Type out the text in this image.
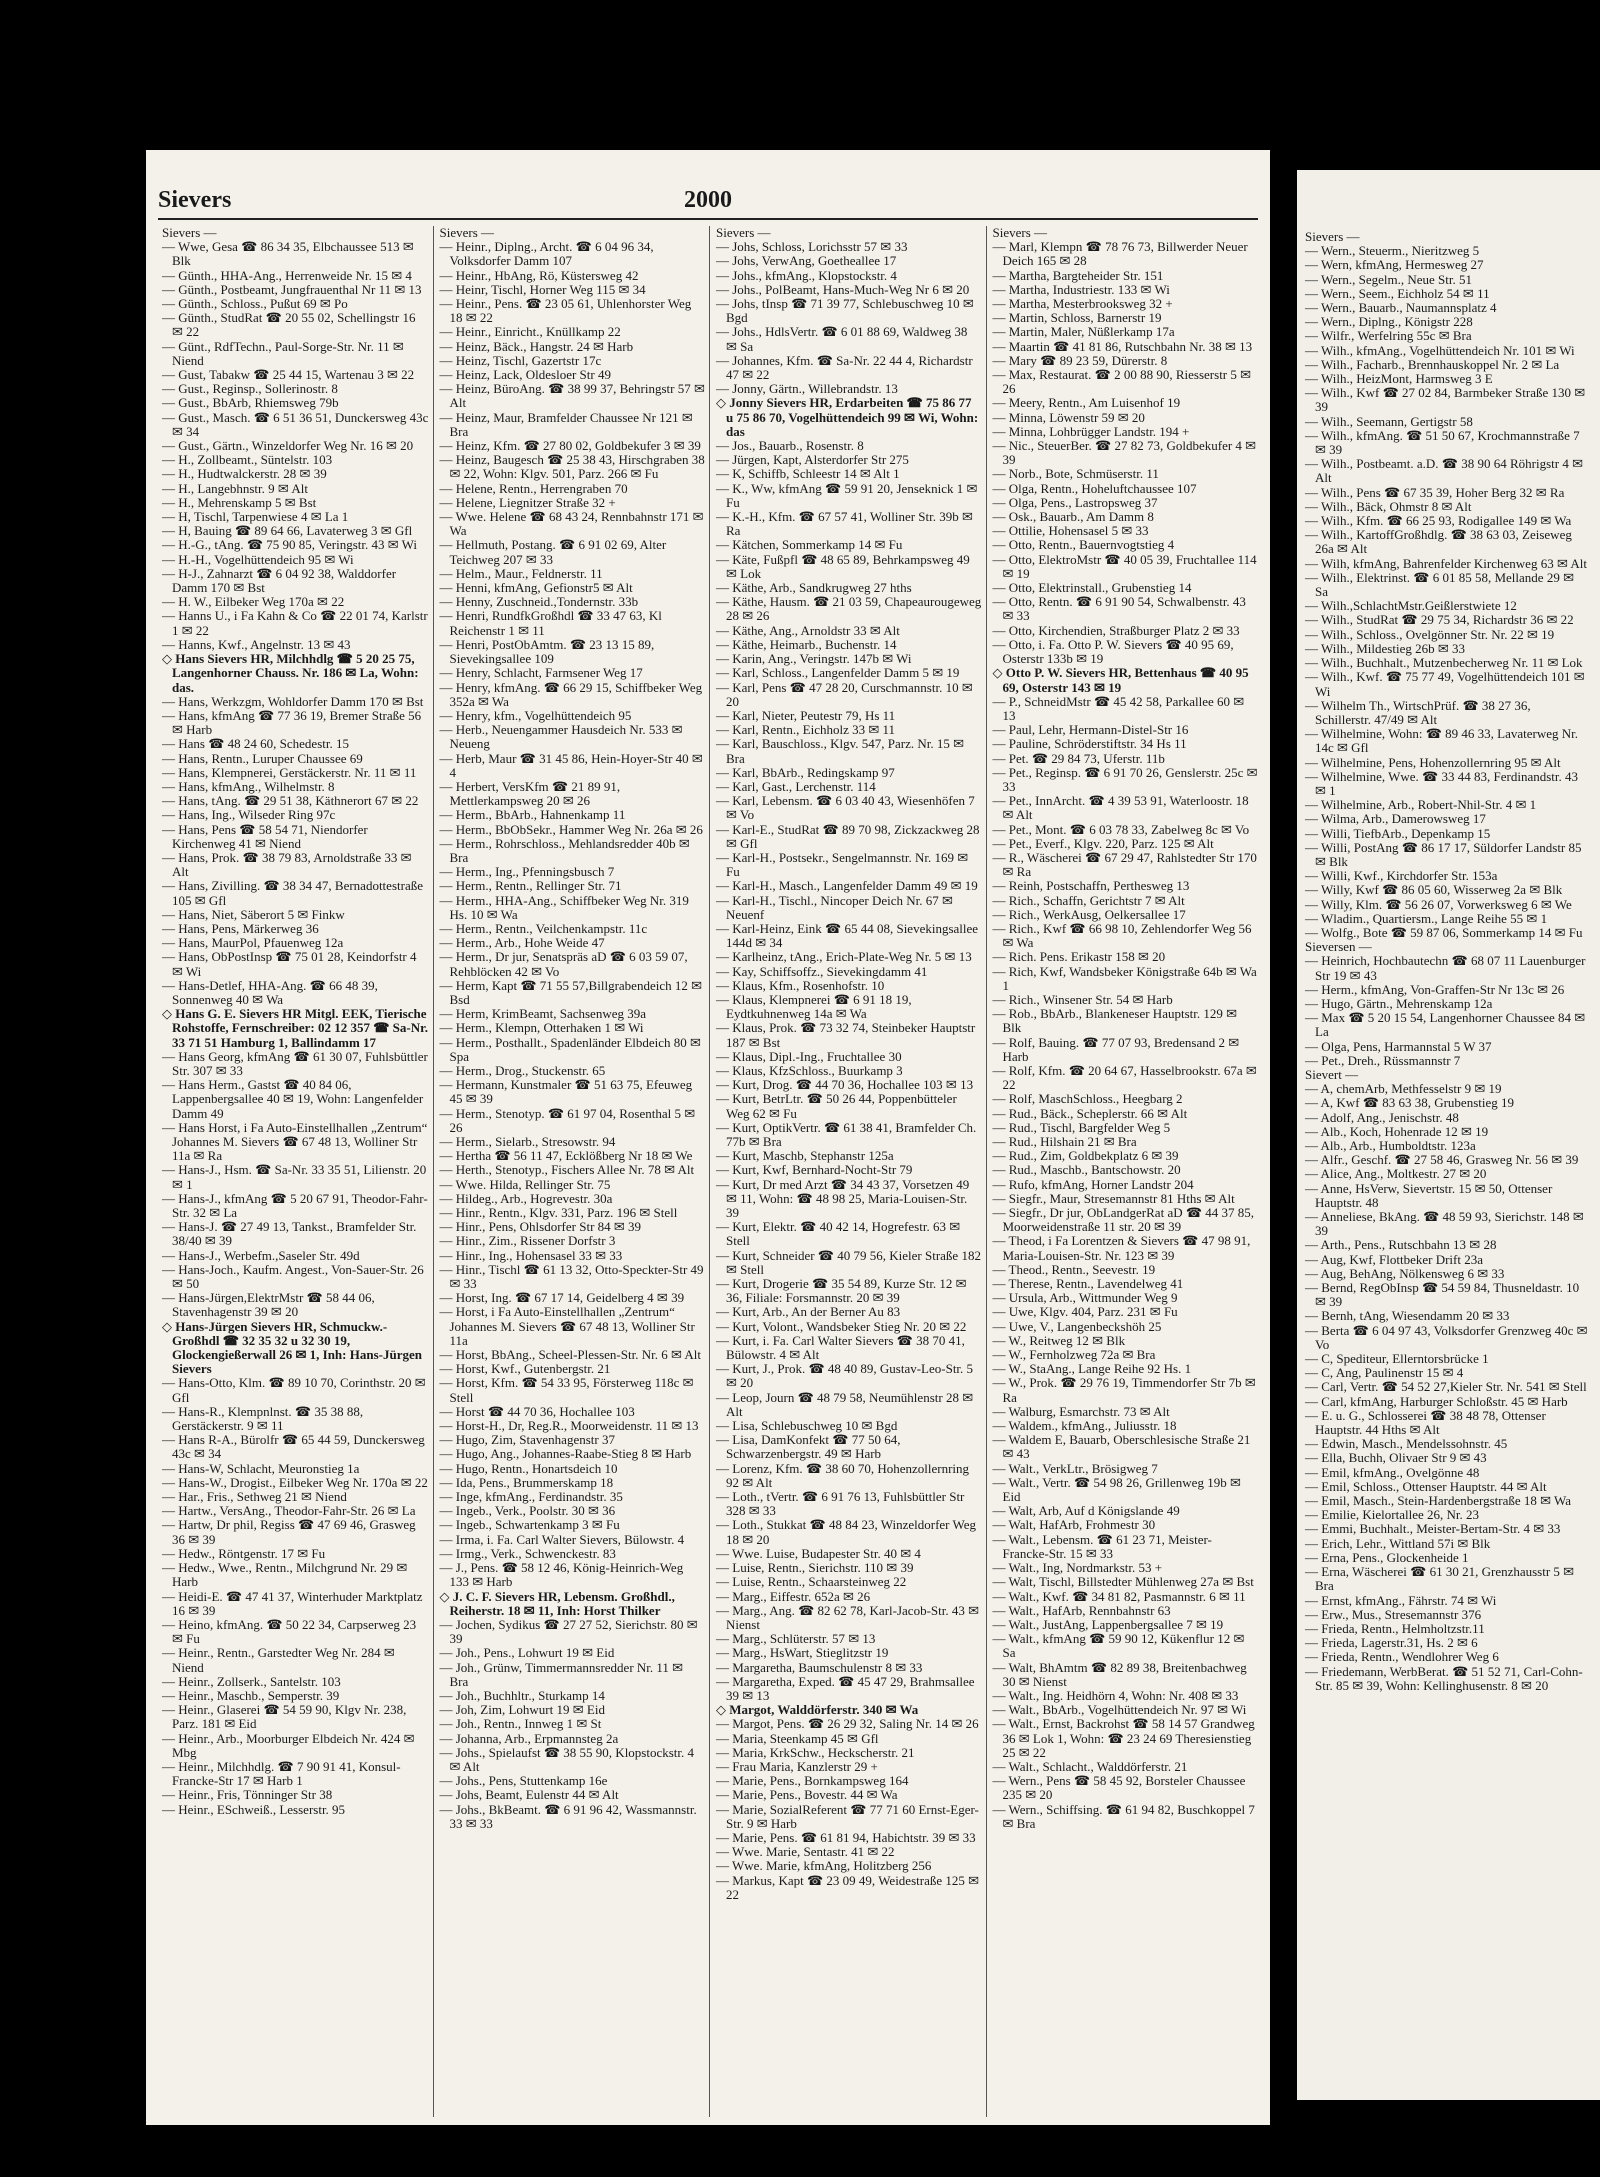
Sievers	2000
Sievers —
— Wwe, Gesa ☎ 86 34 35, Elbchaussee 513 ✉ Blk
— Günth., HHA-Ang., Herrenweide Nr. 15 ✉ 4
— Günth., Postbeamt, Jungfrauenthal Nr 11 ✉ 13
— Günth., Schloss., Pußut 69 ✉ Po
— Günth., StudRat ☎ 20 55 02, Schellingstr 16 ✉ 22
— Günt., RdfTechn., Paul-Sorge-Str. Nr. 11 ✉ Niend
— Gust, Tabakw ☎ 25 44 15, Wartenau 3 ✉ 22
— Gust., Reginsp., Sollerinostr. 8
— Gust., BbArb, Rhiemsweg 79b
— Gust., Masch. ☎ 6 51 36 51, Dunckersweg 43c ✉ 34
— Gust., Gärtn., Winzeldorfer Weg Nr. 16 ✉ 20
— H., Zollbeamt., Süntelstr. 103
— H., Hudtwalckerstr. 28 ✉ 39
— H., Langebhnstr. 9 ✉ Alt
— H., Mehrenskamp 5 ✉ Bst
— H, Tischl, Tarpenwiese 4 ✉ La 1
— H, Bauing ☎ 89 64 66, Lavaterweg 3 ✉ Gfl
— H.-G., tAng. ☎ 75 90 85, Veringstr. 43 ✉ Wi
— H.-H., Vogelhüttendeich 95 ✉ Wi
— H-J., Zahnarzt ☎ 6 04 92 38, Walddorfer Damm 170 ✉ Bst
— H. W., Eilbeker Weg 170a ✉ 22
— Hanns U., i Fa Kahn & Co ☎ 22 01 74, Karlstr 1 ✉ 22
— Hanns, Kwf., Angelnstr. 13 ✉ 43
◇ Hans Sievers HR, Milchhdlg ☎ 5 20 25 75, Langenhorner Chauss. Nr. 186 ✉ La, Wohn: das.
— Hans, Werkzgm, Wohldorfer Damm 170 ✉ Bst
— Hans, kfmAng ☎ 77 36 19, Bremer Straße 56 ✉ Harb
— Hans ☎ 48 24 60, Schedestr. 15
— Hans, Rentn., Luruper Chaussee 69
— Hans, Klempnerei, Gerstäckerstr. Nr. 11 ✉ 11
— Hans, kfmAng., Wilhelmstr. 8
— Hans, tAng. ☎ 29 51 38, Käthnerort 67 ✉ 22
— Hans, Ing., Wilseder Ring 97c
— Hans, Pens ☎ 58 54 71, Niendorfer Kirchenweg 41 ✉ Niend
— Hans, Prok. ☎ 38 79 83, Arnoldstraße 33 ✉ Alt
— Hans, Zivilling. ☎ 38 34 47, Bernadottestraße 105 ✉ Gfl
— Hans, Niet, Säberort 5 ✉ Finkw
— Hans, Pens, Märkerweg 36
— Hans, MaurPol, Pfauenweg 12a
— Hans, ObPostInsp ☎ 75 01 28, Keindorfstr 4 ✉ Wi
— Hans-Detlef, HHA-Ang. ☎ 66 48 39, Sonnenweg 40 ✉ Wa
◇ Hans G. E. Sievers HR Mitgl. EEK, Tierische Rohstoffe, Fernschreiber: 02 12 357 ☎ Sa-Nr. 33 71 51 Hamburg 1, Ballindamm 17
— Hans Georg, kfmAng ☎ 61 30 07, Fuhlsbüttler Str. 307 ✉ 33
— Hans Herm., Gastst ☎ 40 84 06, Lappenbergsallee 40 ✉ 19, Wohn: Langenfelder Damm 49
— Hans Horst, i Fa Auto-Einstellhallen „Zentrum“ Johannes M. Sievers ☎ 67 48 13, Wolliner Str 11a ✉ Ra
— Hans-J., Hsm. ☎ Sa-Nr. 33 35 51, Lilienstr. 20 ✉ 1
— Hans-J., kfmAng ☎ 5 20 67 91, Theodor-Fahr-Str. 32 ✉ La
— Hans-J. ☎ 27 49 13, Tankst., Bramfelder Str. 38/40 ✉ 39
— Hans-J., Werbefm.,Saseler Str. 49d
— Hans-Joch., Kaufm. Angest., Von-Sauer-Str. 26 ✉ 50
— Hans-Jürgen,ElektrMstr ☎ 58 44 06, Stavenhagenstr 39 ✉ 20
◇ Hans-Jürgen Sievers HR, Schmuckw.-Großhdl ☎ 32 35 32 u 32 30 19, Glockengießerwall 26 ✉ 1, Inh: Hans-Jürgen Sievers
— Hans-Otto, Klm. ☎ 89 10 70, Corinthstr. 20 ✉ Gfl
— Hans-R., Klempnlnst. ☎ 35 38 88, Gerstäckerstr. 9 ✉ 11
— Hans R-A., Bürolfr ☎ 65 44 59, Dunckersweg 43c ✉ 34
— Hans-W, Schlacht, Meuronstieg 1a
— Hans-W., Drogist., Eilbeker Weg Nr. 170a ✉ 22
— Har., Fris., Sethweg 21 ✉ Niend
— Hartw., VersAng., Theodor-Fahr-Str. 26 ✉ La
— Hartw, Dr phil, Regiss ☎ 47 69 46, Grasweg 36 ✉ 39
— Hedw., Röntgenstr. 17 ✉ Fu
— Hedw., Wwe., Rentn., Milchgrund Nr. 29 ✉ Harb
— Heidi-E. ☎ 47 41 37, Winterhuder Marktplatz 16 ✉ 39
— Heino, kfmAng. ☎ 50 22 34, Carpserweg 23 ✉ Fu
— Heinr., Rentn., Garstedter Weg Nr. 284 ✉ Niend
— Heinr., Zollserk., Santelstr. 103
— Heinr., Maschb., Semperstr. 39
— Heinr., Glaserei ☎ 54 59 90, Klgv Nr. 238, Parz. 181 ✉ Eid
— Heinr., Arb., Moorburger Elbdeich Nr. 424 ✉ Mbg
— Heinr., Milchhdlg. ☎ 7 90 91 41, Konsul-Francke-Str 17 ✉ Harb 1
— Heinr., Fris, Tönninger Str 38
— Heinr., ESchweiß., Lesserstr. 95
Sievers —
— Heinr., Diplng., Archt. ☎ 6 04 96 34, Volksdorfer Damm 107
— Heinr., HbAng, Rö, Küstersweg 42
— Heinr, Tischl, Horner Weg 115 ✉ 34
— Heinr., Pens. ☎ 23 05 61, Uhlenhorster Weg 18 ✉ 22
— Heinr., Einricht., Knüllkamp 22
— Heinz, Bäck., Hangstr. 24 ✉ Harb
— Heinz, Tischl, Gazertstr 17c
— Heinz, Lack, Oldesloer Str 49
— Heinz, BüroAng. ☎ 38 99 37, Behringstr 57 ✉ Alt
— Heinz, Maur, Bramfelder Chaussee Nr 121 ✉ Bra
— Heinz, Kfm. ☎ 27 80 02, Goldbekufer 3 ✉ 39
— Heinz, Baugesch ☎ 25 38 43, Hirschgraben 38 ✉ 22, Wohn: Klgv. 501, Parz. 266 ✉ Fu
— Helene, Rentn., Herrengraben 70
— Helene, Liegnitzer Straße 32 +
— Wwe. Helene ☎ 68 43 24, Rennbahnstr 171 ✉ Wa
— Hellmuth, Postang. ☎ 6 91 02 69, Alter Teichweg 207 ✉ 33
— Helm., Maur., Feldnerstr. 11
— Henni, kfmAng, Gefionstr5 ✉ Alt
— Henny, Zuschneid.,Tondernstr. 33b
— Henri, RundfkGroßhdl ☎ 33 47 63, Kl Reichenstr 1 ✉ 11
— Henri, PostObAmtm. ☎ 23 13 15 89, Sievekingsallee 109
— Henry, Schlacht, Farmsener Weg 17
— Henry, kfmAng. ☎ 66 29 15, Schiffbeker Weg 352a ✉ Wa
— Henry, kfm., Vogelhüttendeich 95
— Herb., Neuengammer Hausdeich Nr. 533 ✉ Neueng
— Herb, Maur ☎ 31 45 86, Hein-Hoyer-Str 40 ✉ 4
— Herbert, VersKfm ☎ 21 89 91, Mettlerkampsweg 20 ✉ 26
— Herm., BbArb., Hahnenkamp 11
— Herm., BbObSekr., Hammer Weg Nr. 26a ✉ 26
— Herm., Rohrschloss., Mehlandsredder 40b ✉ Bra
— Herm., Ing., Pfenningsbusch 7
— Herm., Rentn., Rellinger Str. 71
— Herm., HHA-Ang., Schiffbeker Weg Nr. 319 Hs. 10 ✉ Wa
— Herm., Rentn., Veilchenkampstr. 11c
— Herm., Arb., Hohe Weide 47
— Herm., Dr jur, Senatspräs aD ☎ 6 03 59 07, Rehblöcken 42 ✉ Vo
— Herm, Kapt ☎ 71 55 57,Billgrabendeich 12 ✉ Bsd
— Herm, KrimBeamt, Sachsenweg 39a
— Herm., Klempn, Otterhaken 1 ✉ Wi
— Herm., Posthallt., Spadenländer Elbdeich 80 ✉ Spa
— Herm., Drog., Stuckenstr. 65
— Hermann, Kunstmaler ☎ 51 63 75, Efeuweg 45 ✉ 39
— Herm., Stenotyp. ☎ 61 97 04, Rosenthal 5 ✉ 26
— Herm., Sielarb., Stresowstr. 94
— Hertha ☎ 56 11 47, Ecklößberg Nr 18 ✉ We
— Herth., Stenotyp., Fischers Allee Nr. 78 ✉ Alt
— Wwe. Hilda, Rellinger Str. 75
— Hildeg., Arb., Hogrevestr. 30a
— Hinr., Rentn., Klgv. 331, Parz. 196 ✉ Stell
— Hinr., Pens, Ohlsdorfer Str 84 ✉ 39
— Hinr., Zim., Rissener Dorfstr 3
— Hinr., Ing., Hohensasel 33 ✉ 33
— Hinr., Tischl ☎ 61 13 32, Otto-Speckter-Str 49 ✉ 33
— Horst, Ing. ☎ 67 17 14, Geidelberg 4 ✉ 39
— Horst, i Fa Auto-Einstellhallen „Zentrum“ Johannes M. Sievers ☎ 67 48 13, Wolliner Str 11a
— Horst, BbAng., Scheel-Plessen-Str. Nr. 6 ✉ Alt
— Horst, Kwf., Gutenbergstr. 21
— Horst, Kfm. ☎ 54 33 95, Försterweg 118c ✉ Stell
— Horst ☎ 44 70 36, Hochallee 103
— Horst-H., Dr, Reg.R., Moorweidenstr. 11 ✉ 13
— Hugo, Zim, Stavenhagenstr 37
— Hugo, Ang., Johannes-Raabe-Stieg 8 ✉ Harb
— Hugo, Rentn., Honartsdeich 10
— Ida, Pens., Brummerskamp 18
— Inge, kfmAng., Ferdinandstr. 35
— Ingeb., Verk., Poolstr. 30 ✉ 36
— Ingeb., Schwartenkamp 3 ✉ Fu
— Irma, i. Fa. Carl Walter Sievers, Bülowstr. 4
— Irmg., Verk., Schwenckestr. 83
— J., Pens. ☎ 58 12 46, König-Heinrich-Weg 133 ✉ Harb
◇ J. C. F. Sievers HR, Lebensm. Großhdl., Reiherstr. 18 ✉ 11, Inh: Horst Thilker
— Jochen, Sydikus ☎ 27 27 52, Sierichstr. 80 ✉ 39
— Joh., Pens., Lohwurt 19 ✉ Eid
— Joh., Grünw, Timmermannsredder Nr. 11 ✉ Bra
— Joh., Buchhltr., Sturkamp 14
— Joh, Zim, Lohwurt 19 ✉ Eid
— Joh., Rentn., Innweg 1 ✉ St
— Johanna, Arb., Erpmannsteg 2a
— Johs., Spielaufst ☎ 38 55 90, Klopstockstr. 4 ✉ Alt
— Johs., Pens, Stuttenkamp 16e
— Johs, Beamt, Eulenstr 44 ✉ Alt
— Johs., BkBeamt. ☎ 6 91 96 42, Wassmannstr. 33 ✉ 33
Sievers —
— Johs, Schloss, Lorichsstr 57 ✉ 33
— Johs, VerwAng, Goetheallee 17
— Johs., kfmAng., Klopstockstr. 4
— Johs., PolBeamt, Hans-Much-Weg Nr 6 ✉ 20
— Johs, tInsp ☎ 71 39 77, Schlebuschweg 10 ✉ Bgd
— Johs., HdlsVertr. ☎ 6 01 88 69, Waldweg 38 ✉ Sa
— Johannes, Kfm. ☎ Sa-Nr. 22 44 4, Richardstr 47 ✉ 22
— Jonny, Gärtn., Willebrandstr. 13
◇ Jonny Sievers HR, Erdarbeiten ☎ 75 86 77 u 75 86 70, Vogelhüttendeich 99 ✉ Wi, Wohn: das
— Jos., Bauarb., Rosenstr. 8
— Jürgen, Kapt, Alsterdorfer Str 275
— K, Schiffb, Schleestr 14 ✉ Alt 1
— K., Ww, kfmAng ☎ 59 91 20, Jenseknick 1 ✉ Fu
— K.-H., Kfm. ☎ 67 57 41, Wolliner Str. 39b ✉ Ra
— Kätchen, Sommerkamp 14 ✉ Fu
— Käte, Fußpfl ☎ 48 65 89, Behrkampsweg 49 ✉ Lok
— Käthe, Arb., Sandkrugweg 27 hths
— Käthe, Hausm. ☎ 21 03 59, Chapeaurougeweg 28 ✉ 26
— Käthe, Ang., Arnoldstr 33 ✉ Alt
— Käthe, Heimarb., Buchenstr. 14
— Karin, Ang., Veringstr. 147b ✉ Wi
— Karl, Schloss., Langenfelder Damm 5 ✉ 19
— Karl, Pens ☎ 47 28 20, Curschmannstr. 10 ✉ 20
— Karl, Nieter, Peutestr 79, Hs 11
— Karl, Rentn., Eichholz 33 ✉ 11
— Karl, Bauschloss., Klgv. 547, Parz. Nr. 15 ✉ Bra
— Karl, BbArb., Redingskamp 97
— Karl, Gast., Lerchenstr. 114
— Karl, Lebensm. ☎ 6 03 40 43, Wiesenhöfen 7 ✉ Vo
— Karl-E., StudRat ☎ 89 70 98, Zickzackweg 28 ✉ Gfl
— Karl-H., Postsekr., Sengelmannstr. Nr. 169 ✉ Fu
— Karl-H., Masch., Langenfelder Damm 49 ✉ 19
— Karl-H., Tischl., Nincoper Deich Nr. 67 ✉ Neuenf
— Karl-Heinz, Eink ☎ 65 44 08, Sievekingsallee 144d ✉ 34
— Karlheinz, tAng., Erich-Plate-Weg Nr. 5 ✉ 13
— Kay, Schiffsoffz., Sievekingdamm 41
— Klaus, Kfm., Rosenhofstr. 10
— Klaus, Klempnerei ☎ 6 91 18 19, Eydtkuhnenweg 14a ✉ Wa
— Klaus, Prok. ☎ 73 32 74, Steinbeker Hauptstr 187 ✉ Bst
— Klaus, Dipl.-Ing., Fruchtallee 30
— Klaus, KfzSchloss., Buurkamp 3
— Kurt, Drog. ☎ 44 70 36, Hochallee 103 ✉ 13
— Kurt, BetrLtr. ☎ 50 26 44, Poppenbütteler Weg 62 ✉ Fu
— Kurt, OptikVertr. ☎ 61 38 41, Bramfelder Ch. 77b ✉ Bra
— Kurt, Maschb, Stephanstr 125a
— Kurt, Kwf, Bernhard-Nocht-Str 79
— Kurt, Dr med Arzt ☎ 34 43 37, Vorsetzen 49 ✉ 11, Wohn: ☎ 48 98 25, Maria-Louisen-Str. 39
— Kurt, Elektr. ☎ 40 42 14, Hogrefestr. 63 ✉ Stell
— Kurt, Schneider ☎ 40 79 56, Kieler Straße 182 ✉ Stell
— Kurt, Drogerie ☎ 35 54 89, Kurze Str. 12 ✉ 36, Filiale: Forsmannstr. 20 ✉ 39
— Kurt, Arb., An der Berner Au 83
— Kurt, Volont., Wandsbeker Stieg Nr. 20 ✉ 22
— Kurt, i. Fa. Carl Walter Sievers ☎ 38 70 41, Bülowstr. 4 ✉ Alt
— Kurt, J., Prok. ☎ 48 40 89, Gustav-Leo-Str. 5 ✉ 20
— Leop, Journ ☎ 48 79 58, Neumühlenstr 28 ✉ Alt
— Lisa, Schlebuschweg 10 ✉ Bgd
— Lisa, DamKonfekt ☎ 77 50 64, Schwarzenbergstr. 49 ✉ Harb
— Lorenz, Kfm. ☎ 38 60 70, Hohenzollernring 92 ✉ Alt
— Loth., tVertr. ☎ 6 91 76 13, Fuhlsbüttler Str 328 ✉ 33
— Loth., Stukkat ☎ 48 84 23, Winzeldorfer Weg 18 ✉ 20
— Wwe. Luise, Budapester Str. 40 ✉ 4
— Luise, Rentn., Sierichstr. 110 ✉ 39
— Luise, Rentn., Schaarsteinweg 22
— Marg., Eiffestr. 652a ✉ 26
— Marg., Ang. ☎ 82 62 78, Karl-Jacob-Str. 43 ✉ Nienst
— Marg., Schlüterstr. 57 ✉ 13
— Marg., HsWart, Stieglitzstr 19
— Margaretha, Baumschulenstr 8 ✉ 33
— Margaretha, Exped. ☎ 45 47 29, Brahmsallee 39 ✉ 13
◇ Margot, Walddörferstr. 340 ✉ Wa
— Margot, Pens. ☎ 26 29 32, Saling Nr. 14 ✉ 26
— Maria, Steenkamp 45 ✉ Gfl
— Maria, KrkSchw., Heckscherstr. 21
— Frau Maria, Kanzlerstr 29 +
— Marie, Pens., Bornkampsweg 164
— Marie, Pens., Bovestr. 44 ✉ Wa
— Marie, SozialReferent ☎ 77 71 60 Ernst-Eger-Str. 9 ✉ Harb
— Marie, Pens. ☎ 61 81 94, Habichtstr. 39 ✉ 33
— Wwe. Marie, Sentastr. 41 ✉ 22
— Wwe. Marie, kfmAng, Holitzberg 256
— Markus, Kapt ☎ 23 09 49, Weidestraße 125 ✉ 22
Sievers —
— Marl, Klempn ☎ 78 76 73, Billwerder Neuer Deich 165 ✉ 28
— Martha, Bargteheider Str. 151
— Martha, Industriestr. 133 ✉ Wi
— Martha, Mesterbrooksweg 32 +
— Martin, Schloss, Barnerstr 19
— Martin, Maler, Nüßlerkamp 17a
— Maartin ☎ 41 81 86, Rutschbahn Nr. 38 ✉ 13
— Mary ☎ 89 23 59, Dürerstr. 8
— Max, Restaurat. ☎ 2 00 88 90, Riesserstr 5 ✉ 26
— Meery, Rentn., Am Luisenhof 19
— Minna, Löwenstr 59 ✉ 20
— Minna, Lohbrügger Landstr. 194 +
— Nic., SteuerBer. ☎ 27 82 73, Goldbekufer 4 ✉ 39
— Norb., Bote, Schmüserstr. 11
— Olga, Rentn., Hoheluftchaussee 107
— Olga, Pens., Lastropsweg 37
— Osk., Bauarb., Am Damm 8
— Ottilie, Hohensasel 5 ✉ 33
— Otto, Rentn., Bauernvogtstieg 4
— Otto, ElektroMstr ☎ 40 05 39, Fruchtallee 114 ✉ 19
— Otto, Elektrinstall., Grubenstieg 14
— Otto, Rentn. ☎ 6 91 90 54, Schwalbenstr. 43 ✉ 33
— Otto, Kirchendien, Straßburger Platz 2 ✉ 33
— Otto, i. Fa. Otto P. W. Sievers ☎ 40 95 69, Osterstr 133b ✉ 19
◇ Otto P. W. Sievers HR, Bettenhaus ☎ 40 95 69, Osterstr 143 ✉ 19
— P., SchneidMstr ☎ 45 42 58, Parkallee 60 ✉ 13
— Paul, Lehr, Hermann-Distel-Str 16
— Pauline, Schröderstiftstr. 34 Hs 11
— Pet. ☎ 29 84 73, Uferstr. 11b
— Pet., Reginsp. ☎ 6 91 70 26, Genslerstr. 25c ✉ 33
— Pet., InnArcht. ☎ 4 39 53 91, Waterloostr. 18 ✉ Alt
— Pet., Mont. ☎ 6 03 78 33, Zabelweg 8c ✉ Vo
— Pet., Everf., Klgv. 220, Parz. 125 ✉ Alt
— R., Wäscherei ☎ 67 29 47, Rahlstedter Str 170 ✉ Ra
— Reinh, Postschaffn, Perthesweg 13
— Rich., Schaffn, Gerichtstr 7 ✉ Alt
— Rich., WerkAusg, Oelkersallee 17
— Rich., Kwf ☎ 66 98 10, Zehlendorfer Weg 56 ✉ Wa
— Rich. Pens. Erikastr 158 ✉ 20
— Rich, Kwf, Wandsbeker Königstraße 64b ✉ Wa 1
— Rich., Winsener Str. 54 ✉ Harb
— Rob., BbArb., Blankeneser Hauptstr. 129 ✉ Blk
— Rolf, Bauing. ☎ 77 07 93, Bredensand 2 ✉ Harb
— Rolf, Kfm. ☎ 20 64 67, Hasselbrookstr. 67a ✉ 22
— Rolf, MaschSchloss., Heegbarg 2
— Rud., Bäck., Scheplerstr. 66 ✉ Alt
— Rud., Tischl, Bargfelder Weg 5
— Rud., Hilshain 21 ✉ Bra
— Rud., Zim, Goldbekplatz 6 ✉ 39
— Rud., Maschb., Bantschowstr. 20
— Rufo, kfmAng, Horner Landstr 204
— Siegfr., Maur, Stresemannstr 81 Hths ✉ Alt
— Siegfr., Dr jur, ObLandgerRat aD ☎ 44 37 85, Moorweidenstraße 11 str. 20 ✉ 39
— Theod, i Fa Lorentzen & Sievers ☎ 47 98 91, Maria-Louisen-Str. Nr. 123 ✉ 39
— Theod., Rentn., Seevestr. 19
— Therese, Rentn., Lavendelweg 41
— Ursula, Arb., Wittmunder Weg 9
— Uwe, Klgv. 404, Parz. 231 ✉ Fu
— Uwe, V., Langenbeckshöh 25
— W., Reitweg 12 ✉ Blk
— W., Fernholzweg 72a ✉ Bra
— W., StaAng., Lange Reihe 92 Hs. 1
— W., Prok. ☎ 29 76 19, Timmendorfer Str 7b ✉ Ra
— Walburg, Esmarchstr. 73 ✉ Alt
— Waldem., kfmAng., Juliusstr. 18
— Waldem E, Bauarb, Oberschlesische Straße 21 ✉ 43
— Walt., VerkLtr., Brösigweg 7
— Walt., Vertr. ☎ 54 98 26, Grillenweg 19b ✉ Eid
— Walt, Arb, Auf d Königslande 49
— Walt, HafArb, Frohmestr 30
— Walt., Lebensm. ☎ 61 23 71, Meister-Francke-Str. 15 ✉ 33
— Walt., Ing, Nordmarkstr. 53 +
— Walt, Tischl, Billstedter Mühlenweg 27a ✉ Bst
— Walt., Kwf. ☎ 34 81 82, Pasmannstr. 6 ✉ 11
— Walt., HafArb, Rennbahnstr 63
— Walt., JustAng, Lappenbergsallee 7 ✉ 19
— Walt., kfmAng ☎ 59 90 12, Kükenflur 12 ✉ Sa
— Walt, BhAmtm ☎ 82 89 38, Breitenbachweg 30 ✉ Nienst
— Walt., Ing. Heidhörn 4, Wohn: Nr. 408 ✉ 33
— Walt., BbArb., Vogelhüttendeich Nr. 97 ✉ Wi
— Walt., Ernst, Backrohst ☎ 58 14 57 Grandweg 36 ✉ Lok 1, Wohn: ☎ 23 24 69 Theresienstieg 25 ✉ 22
— Walt., Schlacht., Walddörferstr. 21
— Wern., Pens ☎ 58 45 92, Borsteler Chaussee 235 ✉ 20
— Wern., Schiffsing. ☎ 61 94 82, Buschkoppel 7 ✉ Bra
Sievers —
— Wern., Steuerm., Nieritzweg 5
— Wern, kfmAng, Hermesweg 27
— Wern., Segelm., Neue Str. 51
— Wern., Seem., Eichholz 54 ✉ 11
— Wern., Bauarb., Naumannsplatz 4
— Wern., Diplng., Königstr 228
— Wilfr., Werfelring 55c ✉ Bra
— Wilh., kfmAng., Vogelhüttendeich Nr. 101 ✉ Wi
— Wilh., Facharb., Brennhauskoppel Nr. 2 ✉ La
— Wilh., HeizMont, Harmsweg 3 E
— Wilh., Kwf ☎ 27 02 84, Barmbeker Straße 130 ✉ 39
— Wilh., Seemann, Gertigstr 58
— Wilh., kfmAng. ☎ 51 50 67, Krochmannstraße 7 ✉ 39
— Wilh., Postbeamt. a.D. ☎ 38 90 64 Röhrigstr 4 ✉ Alt
— Wilh., Pens ☎ 67 35 39, Hoher Berg 32 ✉ Ra
— Wilh., Bäck, Ohmstr 8 ✉ Alt
— Wilh., Kfm. ☎ 66 25 93, Rodigallee 149 ✉ Wa
— Wilh., KartoffGroßhdlg. ☎ 38 63 03, Zeiseweg 26a ✉ Alt
— Wilh, kfmAng, Bahrenfelder Kirchenweg 63 ✉ Alt
— Wilh., Elektrinst. ☎ 6 01 85 58, Mellande 29 ✉ Sa
— Wilh.,SchlachtMstr.Geißlerstwiete 12
— Wilh., StudRat ☎ 29 75 34, Richardstr 36 ✉ 22
— Wilh., Schloss., Ovelgönner Str. Nr. 22 ✉ 19
— Wilh., Mildestieg 26b ✉ 33
— Wilh., Buchhalt., Mutzenbecherweg Nr. 11 ✉ Lok
— Wilh., Kwf. ☎ 75 77 49, Vogelhüttendeich 101 ✉ Wi
— Wilhelm Th., WirtschPrüf. ☎ 38 27 36, Schillerstr. 47/49 ✉ Alt
— Wilhelmine, Wohn: ☎ 89 46 33, Lavaterweg Nr. 14c ✉ Gfl
— Wilhelmine, Pens, Hohenzollernring 95 ✉ Alt
— Wilhelmine, Wwe. ☎ 33 44 83, Ferdinandstr. 43 ✉ 1
— Wilhelmine, Arb., Robert-Nhil-Str. 4 ✉ 1
— Wilma, Arb., Damerowsweg 17
— Willi, TiefbArb., Depenkamp 15
— Willi, PostAng ☎ 86 17 17, Süldorfer Landstr 85 ✉ Blk
— Willi, Kwf., Kirchdorfer Str. 153a
— Willy, Kwf ☎ 86 05 60, Wisserweg 2a ✉ Blk
— Willy, Klm. ☎ 56 26 07, Vorwerksweg 6 ✉ We
— Wladim., Quartiersm., Lange Reihe 55 ✉ 1
— Wolfg., Bote ☎ 59 87 06, Sommerkamp 14 ✉ Fu
Sieversen —
— Heinrich, Hochbautechn ☎ 68 07 11 Lauenburger Str 19 ✉ 43
— Herm., kfmAng, Von-Graffen-Str Nr 13c ✉ 26
— Hugo, Gärtn., Mehrenskamp 12a
— Max ☎ 5 20 15 54, Langenhorner Chaussee 84 ✉ La
— Olga, Pens, Harmannstal 5 W 37
— Pet., Dreh., Rüssmannstr 7
Sievert —
— A, chemArb, Methfesselstr 9 ✉ 19
— A, Kwf ☎ 83 63 38, Grubenstieg 19
— Adolf, Ang., Jenischstr. 48
— Alb., Koch, Hohenrade 12 ✉ 19
— Alb., Arb., Humboldtstr. 123a
— Alfr., Geschf. ☎ 27 58 46, Grasweg Nr. 56 ✉ 39
— Alice, Ang., Moltkestr. 27 ✉ 20
— Anne, HsVerw, Sievertstr. 15 ✉ 50, Ottenser Hauptstr. 48
— Anneliese, BkAng. ☎ 48 59 93, Sierichstr. 148 ✉ 39
— Arth., Pens., Rutschbahn 13 ✉ 28
— Aug, Kwf, Flottbeker Drift 23a
— Aug, BehAng, Nölkensweg 6 ✉ 33
— Bernd, RegObInsp ☎ 54 59 84, Thusneldastr. 10 ✉ 39
— Bernh, tAng, Wiesendamm 20 ✉ 33
— Berta ☎ 6 04 97 43, Volksdorfer Grenzweg 40c ✉ Vo
— C, Spediteur, Ellerntorsbrücke 1
— C, Ang, Paulinenstr 15 ✉ 4
— Carl, Vertr. ☎ 54 52 27,Kieler Str. Nr. 541 ✉ Stell
— Carl, kfmAng, Harburger Schloßstr. 45 ✉ Harb
— E. u. G., Schlosserei ☎ 38 48 78, Ottenser Hauptstr. 44 Hths ✉ Alt
— Edwin, Masch., Mendelssohnstr. 45
— Ella, Buchh, Olivaer Str 9 ✉ 43
— Emil, kfmAng., Ovelgönne 48
— Emil, Schloss., Ottenser Hauptstr. 44 ✉ Alt
— Emil, Masch., Stein-Hardenbergstraße 18 ✉ Wa
— Emilie, Kielortallee 26, Nr. 23
— Emmi, Buchhalt., Meister-Bertam-Str. 4 ✉ 33
— Erich, Lehr., Wittland 57i ✉ Blk
— Erna, Pens., Glockenheide 1
— Erna, Wäscherei ☎ 61 30 21, Grenzhausstr 5 ✉ Bra
— Ernst, kfmAng., Fährstr. 74 ✉ Wi
— Erw., Mus., Stresemannstr 376
— Frieda, Rentn., Helmholtzstr.11
— Frieda, Lagerstr.31, Hs. 2 ✉ 6
— Frieda, Rentn., Wendlohrer Weg 6
— Friedemann, WerbBerat. ☎ 51 52 71, Carl-Cohn-Str. 85 ✉ 39, Wohn: Kellinghusenstr. 8 ✉ 20
